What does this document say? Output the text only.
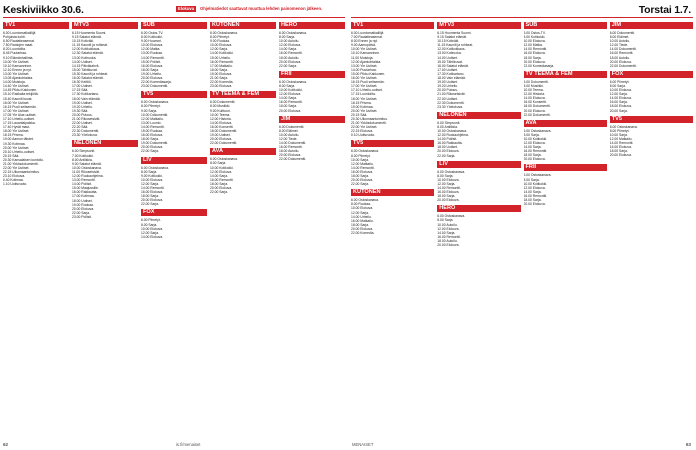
Keskiviikko 30.6.	Elokuva	Ohjelmatiedot saattavat muuttua lehden painomenon jälkeen.
TV1
6.00 Luontomatkaillijä
Pohjoista kohti.
6.50 Rautatieasemat.
7.50 Rantojen maat.
8.20 Luontoilta.
8.45 Puutarhaa.
9.10 Elämänhallinta.
10.00 Yle Uutiset.
10.10 Kansanrinne.
12.10 Ennen ja nyt.
13.00 Yle Uutiset.
13.05 Ajankohtaista.
14.00 Muistoja.
14.40 Yle Uutiset.
14.45 Pikku Kakkonen.
15.10 Rakkaita tekijöitä.
15.40 Kauniit kuvat.
16.00 Yle Uutiset.
16.15 Puoli seitsemän.
17.00 Yle Uutiset.
17.05 Yle Alue-uutiset.
17.10 Urheilu-uutiset.
17.15 Lauantaipaikka.
17.40 Hyvät maut.
18.00 Yle Uutiset.
18.15 Prisma.
19.00 Aamun tähdet.
19.30 Kotimaa.
20.00 Yle Uutiset.
20.10 Urheilu-uutiset.
20.15 Sää.
20.30 Kansalaisen kuntoilu.
21.00 Ykkösdokumentti.
22.00 Yle Uutiset.
22.15 Ulkomaantoimitus.
23.10 Elokuva.
0.40 Kotimaa.
1.10 Uutisvuoto.
MTV3
6.15 Huomenta Suomi.
9.15 Salatut elämät.
10.15 Kotiväki.
11.15 Kauniit ja rohkeat.
12.00 Kotikokkaus.
12.30 Salatut elämät.
13.00 Kotiruoka.
14.00 Uutiset.
14.15 Päiväkahvit.
15.00 Tähtikuvat.
15.30 Kauniit ja rohkeat.
16.00 Salatut elämät.
16.30 Keittiö.
17.00 Uutiset.
17.15 Sää.
17.30 Kotikartano.
18.00 Vain elämää.
19.00 Uutiset.
19.20 Urheilu.
19.30 Sää.
20.00 Putous.
21.00 Rikosetsivät.
22.00 Uutiset.
22.20 Sää.
22.30 Dokumentti.
23.30 Yöelokuva.
NELONEN
6.00 Simpsonit.
7.00 Kotikokki.
8.00 Antiikkia.
9.00 Salatut elämät.
10.00 Ostoskanava.
11.00 Rikosetsivät.
12.00 Ruokaohjelma.
13.00 Remontti.
14.00 Poliisit.
15.00 Maajussille.
16.00 Rakkautta.
17.00 Kotimaa.
18.00 Uutiset.
19.00 Ruokaa.
20.00 Elokuva.
22.00 Sarja.
23.00 Poliisit.
SUB
6.00 Ostos-TV.
8.00 Kotikokki.
9.00 Huumori.
10.00 Elokuva.
12.00 Matka.
13.00 Ruokaa.
14.00 Remontti.
15.00 Poliisit.
16.00 Elokuva.
18.00 Sarja.
19.00 Urheilu.
20.00 Elokuva.
22.00 Komediasarja.
23.00 Dokumentti.
TV5
6.00 Ostoskanava.
8.00 Piirretyt.
9.00 Sarja.
10.00 Dokumentti.
12.00 Matkailu.
13.00 Luonto.
14.00 Remontti.
15.00 Ruokaa.
16.00 Elokuva.
18.00 Sarja.
19.00 Dokumentti.
20.00 Elokuva.
22.00 Sarja.
LIV
6.00 Ostoskanava.
8.00 Sarja.
9.00 Kotikokki.
10.00 Elokuva.
12.00 Sarja.
14.00 Remontti.
16.00 Elokuva.
18.00 Sarja.
20.00 Elokuva.
22.00 Sarja.
FOX
6.00 Piirretyt.
8.00 Sarja.
10.00 Elokuva.
12.00 Sarja.
14.00 Elokuva.
KUTONEN
6.00 Ostoskanava.
8.00 Piirretyt.
9.00 Ruokaa.
10.00 Elokuva.
12.00 Sarja.
14.00 Kotikokki.
15.00 Urheilu.
16.00 Remontti.
17.00 Matkailu.
18.00 Sarja.
19.00 Elokuva.
21.00 Sarja.
22.00 Komedia.
23.00 Elokuva.
TV TEEMA & FEM
6.00 Dokumentti.
8.00 Musiikki.
9.00 Kulttuuri.
10.00 Teema.
12.00 Historia.
14.00 Elokuva.
16.00 Konsertti.
18.00 Dokumentti.
19.00 Uutiset.
20.00 Elokuva.
22.00 Dokumentti.
AVA
6.00 Ostoskanava.
8.00 Sarja.
10.00 Kotikokki.
12.00 Elokuva.
14.00 Sarja.
16.00 Remontti.
18.00 Sarja.
20.00 Elokuva.
22.00 Sarja.
HERO
6.00 Ostoskanava.
8.00 Sarja.
10.00 Autoilu.
12.00 Elokuva.
14.00 Sarja.
16.00 Remontti.
18.00 Autoilu.
20.00 Elokuva.
22.00 Sarja.
FRII
6.00 Ostoskanava.
8.00 Sarja.
10.00 Kotikokki.
12.00 Elokuva.
14.00 Sarja.
16.00 Remontti.
18.00 Sarja.
20.00 Elokuva.
JIM
6.00 Dokumentti.
8.00 Eläimet.
10.00 Autoilu.
12.00 Tiede.
14.00 Dokumentti.
16.00 Remontti.
18.00 Autoilu.
20.00 Elokuva.
22.00 Dokumentti.
62	is.fi/menaiset
Torstai 1.7.
TV1
6.00 Luontomatkaillijä
7.00 Rautatieasemat.
8.00 Ennen ja nyt.
9.00 Aamupäivä.
10.00 Yle Uutiset.
10.10 Kansanrinne.
11.00 Muistoja.
12.00 Ajankohtaista.
13.00 Yle Uutiset.
14.00 Puutarhaa.
15.00 Pikku Kakkonen.
16.00 Yle Uutiset.
16.15 Puoli seitsemän.
17.00 Yle Uutiset.
17.10 Urheilu-uutiset.
17.15 Luontoilta.
18.00 Yle Uutiset.
18.15 Prisma.
19.00 Kotimaa.
20.00 Yle Uutiset.
20.15 Sää.
20.30 Ulkomaantoimitus.
21.00 Ykkösdokumentti.
22.00 Yle Uutiset.
22.15 Elokuva.
0.10 Uutisvuoto.
TV5
6.00 Ostoskanava.
8.00 Piirretyt.
10.00 Sarja.
12.00 Matkailu.
14.00 Remontti.
16.00 Elokuva.
18.00 Sarja.
20.00 Elokuva.
22.00 Sarja.
KUTONEN
6.00 Ostoskanava.
8.00 Ruokaa.
10.00 Elokuva.
12.00 Sarja.
14.00 Urheilu.
16.00 Matkailu.
18.00 Sarja.
20.00 Elokuva.
22.00 Komedia.
MTV3
6.15 Huomenta Suomi.
9.15 Salatut elämät.
10.15 Kotiväki.
11.15 Kauniit ja rohkeat.
12.00 Kotikokkaus.
13.00 Kotiruoka.
14.00 Uutiset.
15.00 Tähtikuvat.
16.00 Salatut elämät.
17.00 Uutiset.
17.30 Kotikartano.
18.00 Vain elämää.
19.00 Uutiset.
19.20 Urheilu.
20.00 Putous.
21.00 Rikosetsivät.
22.00 Uutiset.
22.30 Dokumentti.
23.30 Yöelokuva.
NELONEN
6.00 Simpsonit.
8.00 Antiikkia.
10.00 Ostoskanava.
12.00 Ruokaohjelma.
14.00 Poliisit.
16.00 Rakkautta.
18.00 Uutiset.
20.00 Elokuva.
22.00 Sarja.
LIV
6.00 Ostoskanava.
8.00 Sarja.
10.00 Elokuva.
12.00 Sarja.
14.00 Remontti.
16.00 Elokuva.
18.00 Sarja.
20.00 Elokuva.
HERO
6.00 Ostoskanava.
8.00 Sarja.
10.00 Autoilu.
12.00 Elokuva.
14.00 Sarja.
16.00 Remontti.
18.00 Autoilu.
20.00 Elokuva.
SUB
6.00 Ostos-TV.
8.00 Kotikokki.
10.00 Elokuva.
12.00 Matka.
14.00 Remontti.
16.00 Elokuva.
18.00 Sarja.
20.00 Elokuva.
22.00 Komediasarja.
TV TEEMA & FEM
6.00 Dokumentti.
8.00 Musiikki.
10.00 Teema.
12.00 Historia.
14.00 Elokuva.
16.00 Konsertti.
18.00 Dokumentti.
20.00 Elokuva.
22.00 Dokumentti.
AVA
6.00 Ostoskanava.
8.00 Sarja.
10.00 Kotikokki.
12.00 Elokuva.
14.00 Sarja.
16.00 Remontti.
18.00 Sarja.
20.00 Elokuva.
FRII
6.00 Ostoskanava.
8.00 Sarja.
10.00 Kotikokki.
12.00 Elokuva.
14.00 Sarja.
16.00 Remontti.
18.00 Sarja.
20.00 Elokuva.
JIM
6.00 Dokumentti.
8.00 Eläimet.
10.00 Autoilu.
12.00 Tiede.
14.00 Dokumentti.
16.00 Remontti.
18.00 Autoilu.
20.00 Elokuva.
22.00 Dokumentti.
FOX
6.00 Piirretyt.
8.00 Sarja.
10.00 Elokuva.
12.00 Sarja.
14.00 Elokuva.
16.00 Sarja.
18.00 Elokuva.
20.00 Sarja.
TV5
6.00 Ostoskanava.
8.00 Piirretyt.
10.00 Sarja.
12.00 Matkailu.
14.00 Remontti.
16.00 Elokuva.
18.00 Sarja.
20.00 Elokuva.
63
MENAISET
